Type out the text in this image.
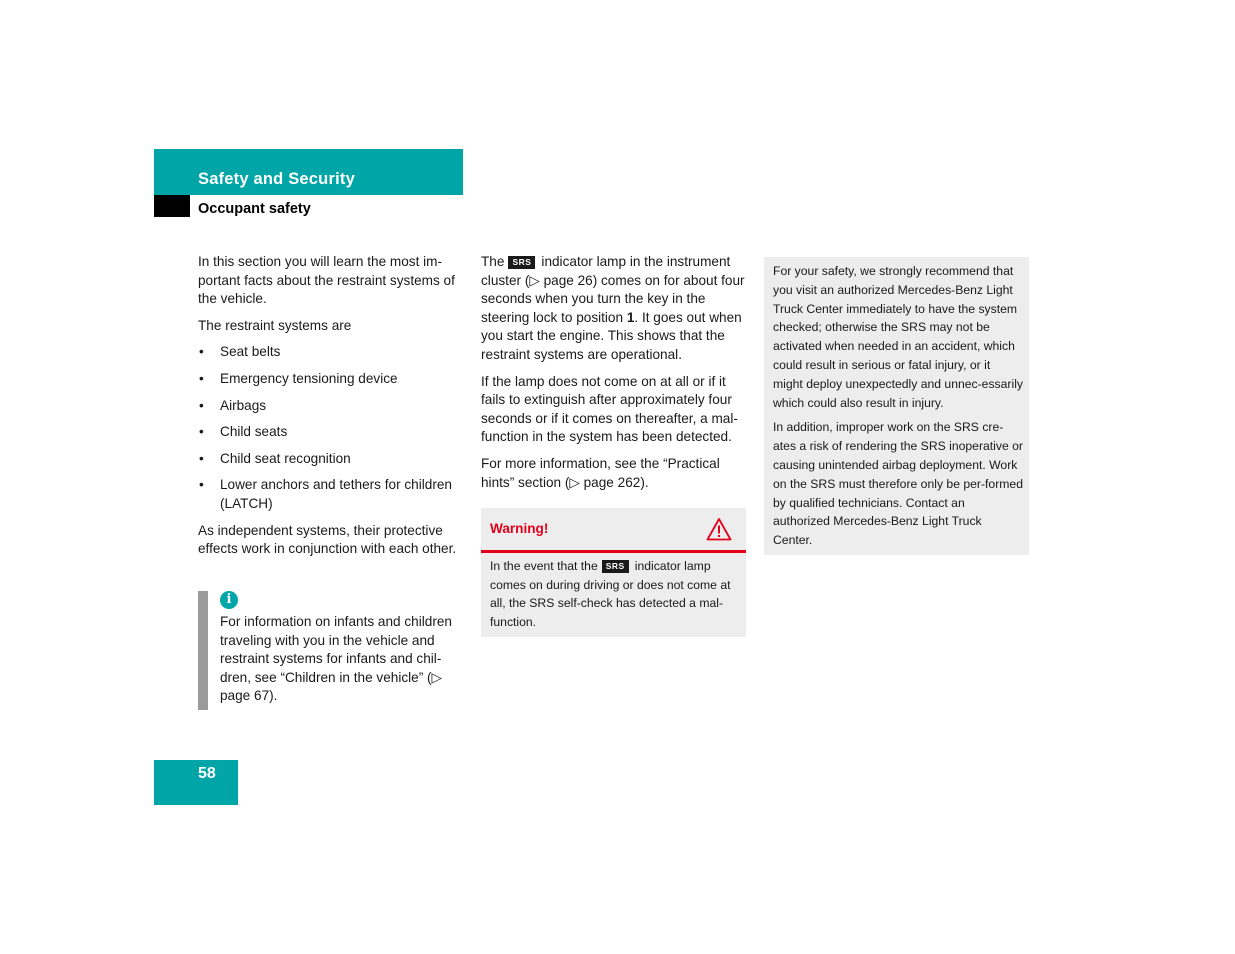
Safety and Security
Occupant safety

In this section you will learn the most im-portant facts about the restraint systems of the vehicle.

The restraint systems are

• Seat belts
• Emergency tensioning device
• Airbags
• Child seats
• Child seat recognition
• Lower anchors and tethers for children (LATCH)

As independent systems, their protective effects work in conjunction with each other.

i
For information on infants and children traveling with you in the vehicle and restraint systems for infants and chil-dren, see “Children in the vehicle” (▷ page 67).

The SRS indicator lamp in the instrument cluster (▷ page 26) comes on for about four seconds when you turn the key in the steering lock to position 1. It goes out when you start the engine. This shows that the restraint systems are operational.

If the lamp does not come on at all or if it fails to extinguish after approximately four seconds or if it comes on thereafter, a mal-function in the system has been detected.

For more information, see the “Practical hints” section (▷ page 262).

Warning!
In the event that the SRS indicator lamp comes on during driving or does not come at all, the SRS self-check has detected a mal-function.

For your safety, we strongly recommend that you visit an authorized Mercedes-Benz Light Truck Center immediately to have the system checked; otherwise the SRS may not be activated when needed in an accident, which could result in serious or fatal injury, or it might deploy unexpectedly and unnec-essarily which could also result in injury.

In addition, improper work on the SRS cre-ates a risk of rendering the SRS inoperative or causing unintended airbag deployment. Work on the SRS must therefore only be per-formed by qualified technicians. Contact an authorized Mercedes-Benz Light Truck Center.

58
